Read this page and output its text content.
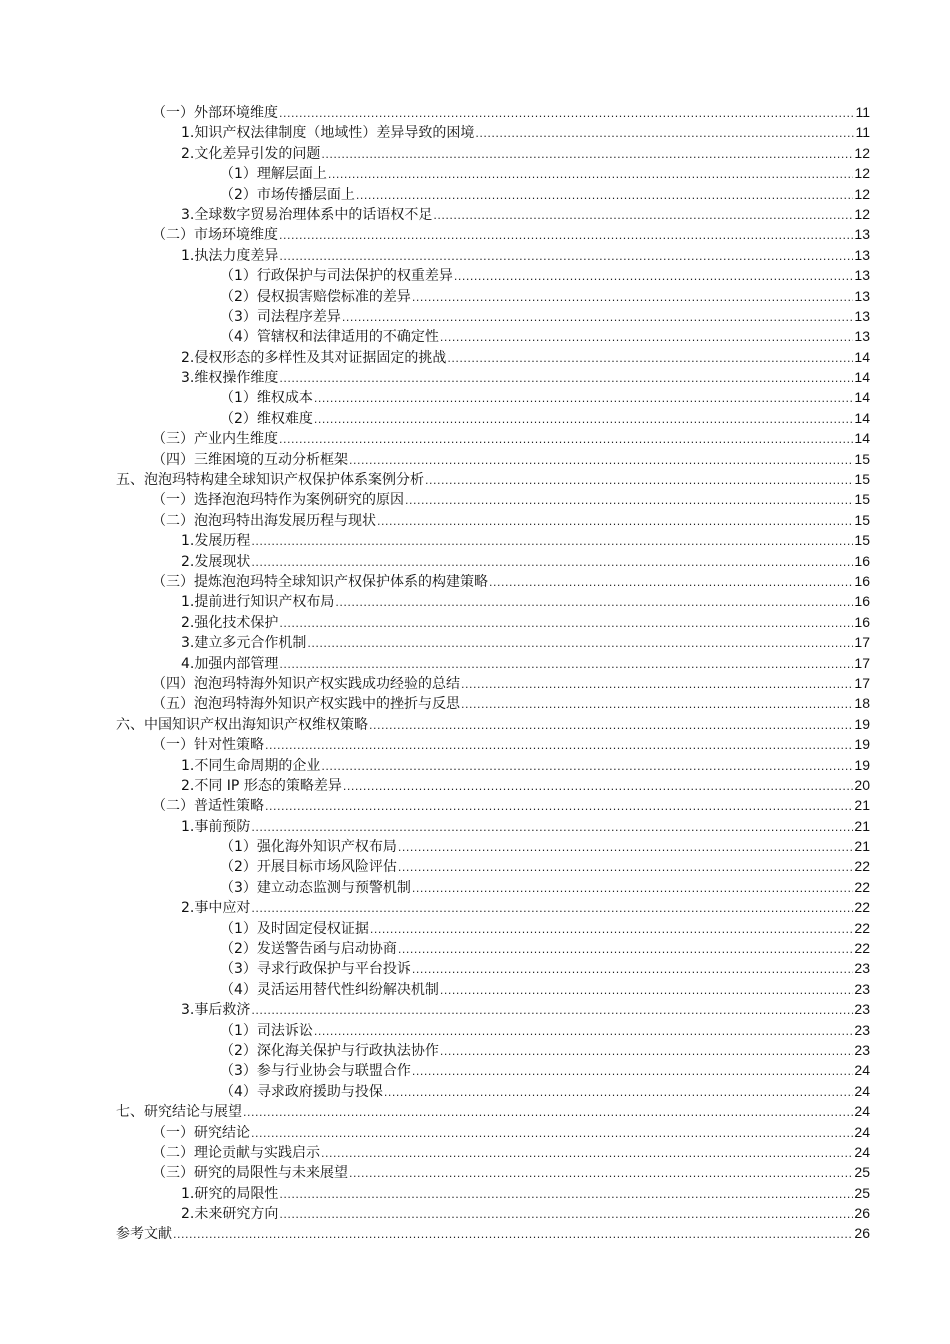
（一）外部环境维度 .....	11
1.知识产权法律制度（地域性）差异导致的困境 .....	11
2.文化差异引发的问题 .....	12
（1）理解层面上 .....	12
（2）市场传播层面上 .....	12
3.全球数字贸易治理体系中的话语权不足 .....	12
（二）市场环境维度 .....	13
1.执法力度差异 .....	13
（1）行政保护与司法保护的权重差异 .....	13
（2）侵权损害赔偿标准的差异 .....	13
（3）司法程序差异 .....	13
（4）管辖权和法律适用的不确定性 .....	13
2.侵权形态的多样性及其对证据固定的挑战 .....	14
3.维权操作维度 .....	14
（1）维权成本 .....	14
（2）维权难度 .....	14
（三）产业内生维度 .....	14
（四）三维困境的互动分析框架 .....	15
五、泡泡玛特构建全球知识产权保护体系案例分析 .....	15
（一）选择泡泡玛特作为案例研究的原因 .....	15
（二）泡泡玛特出海发展历程与现状 .....	15
1.发展历程 .....	15
2.发展现状 .....	16
（三）提炼泡泡玛特全球知识产权保护体系的构建策略 .....	16
1.提前进行知识产权布局 .....	16
2.强化技术保护 .....	16
3.建立多元合作机制 .....	17
4.加强内部管理 .....	17
（四）泡泡玛特海外知识产权实践成功经验的总结 .....	17
（五）泡泡玛特海外知识产权实践中的挫折与反思 .....	18
六、中国知识产权出海知识产权维权策略 .....	19
（一）针对性策略 .....	19
1.不同生命周期的企业 .....	19
2.不同 IP 形态的策略差异 .....	20
（二）普适性策略 .....	21
1.事前预防 .....	21
（1）强化海外知识产权布局 .....	21
（2）开展目标市场风险评估 .....	22
（3）建立动态监测与预警机制 .....	22
2.事中应对 .....	22
（1）及时固定侵权证据 .....	22
（2）发送警告函与启动协商 .....	22
（3）寻求行政保护与平台投诉 .....	23
（4）灵活运用替代性纠纷解决机制 .....	23
3.事后救济 .....	23
（1）司法诉讼 .....	23
（2）深化海关保护与行政执法协作 .....	23
（3）参与行业协会与联盟合作 .....	24
（4）寻求政府援助与投保 .....	24
七、研究结论与展望 .....	24
（一）研究结论 .....	24
（二）理论贡献与实践启示 .....	24
（三）研究的局限性与未来展望 .....	25
1.研究的局限性 .....	25
2.未来研究方向 .....	26
参考文献 .....	26
